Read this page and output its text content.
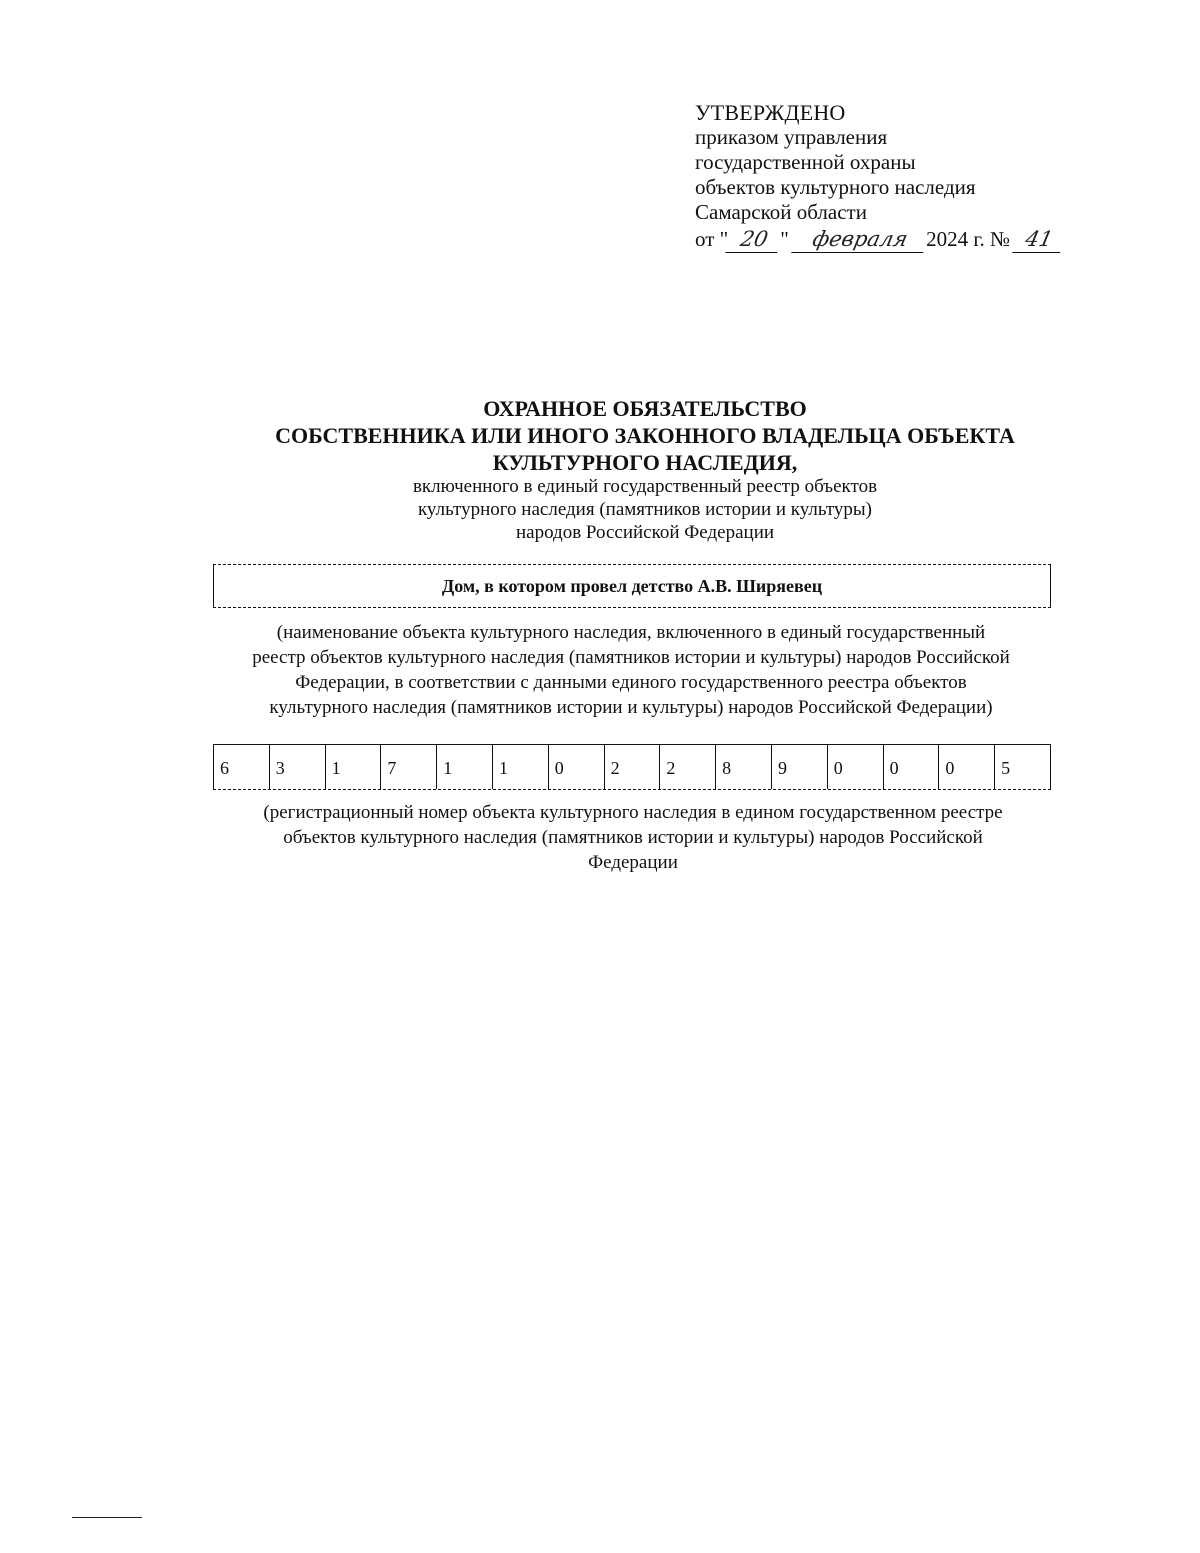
УТВЕРЖДЕНО
приказом управления
государственной охраны
объектов культурного наследия
Самарской области
от " 20 " февраля 2024 г. № 41
ОХРАННОЕ ОБЯЗАТЕЛЬСТВО
СОБСТВЕННИКА ИЛИ ИНОГО ЗАКОННОГО ВЛАДЕЛЬЦА ОБЪЕКТА
КУЛЬТУРНОГО НАСЛЕДИЯ,
включенного в единый государственный реестр объектов
культурного наследия (памятников истории и культуры)
народов Российской Федерации
Дом, в котором провел детство А.В. Ширяевец
(наименование объекта культурного наследия, включенного в единый государственный
реестр объектов культурного наследия (памятников истории и культуры) народов Российской
Федерации, в соответствии с данными единого государственного реестра объектов
культурного наследия (памятников истории и культуры) народов Российской Федерации)
6	3	1	7	1	1	0	2	2	8	9	0	0	0	5
(регистрационный номер объекта культурного наследия в едином государственном реестре
объектов культурного наследия (памятников истории и культуры) народов Российской
Федерации
